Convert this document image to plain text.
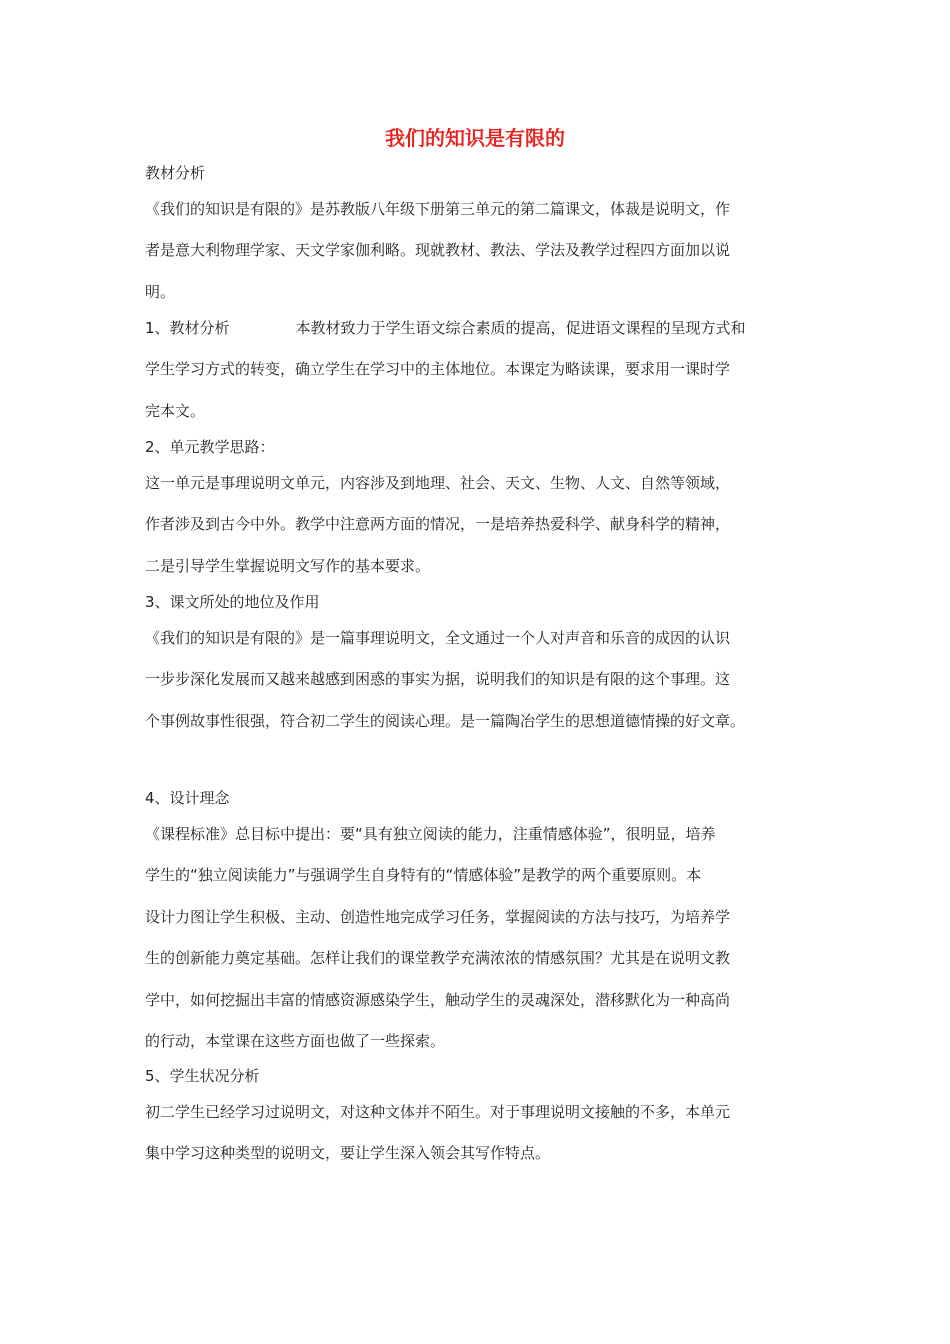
我们的知识是有限的
教材分析
《我们的知识是有限的》是苏教版八年级下册第三单元的第二篇课文，体裁是说明文，作
者是意大利物理学家、天文学家伽利略。现就教材、教法、学法及教学过程四方面加以说
明。
1、教材分析	本教材致力于学生语文综合素质的提高，促进语文课程的呈现方式和
学生学习方式的转变，确立学生在学习中的主体地位。本课定为略读课，要求用一课时学
完本文。
2、单元教学思路：
这一单元是事理说明文单元，内容涉及到地理、社会、天文、生物、人文、自然等领域，
作者涉及到古今中外。教学中注意两方面的情况，一是培养热爱科学、献身科学的精神，
二是引导学生掌握说明文写作的基本要求。
3、课文所处的地位及作用
《我们的知识是有限的》是一篇事理说明文，全文通过一个人对声音和乐音的成因的认识
一步步深化发展而又越来越感到困惑的事实为据，说明我们的知识是有限的这个事理。这
个事例故事性很强，符合初二学生的阅读心理。是一篇陶冶学生的思想道德情操的好文章。
4、设计理念
《课程标准》总目标中提出：要“具有独立阅读的能力，注重情感体验”，很明显，培养
学生的“独立阅读能力”与强调学生自身特有的“情感体验”是教学的两个重要原则。本
设计力图让学生积极、主动、创造性地完成学习任务，掌握阅读的方法与技巧，为培养学
生的创新能力奠定基础。怎样让我们的课堂教学充满浓浓的情感氛围？尤其是在说明文教
学中，如何挖掘出丰富的情感资源感染学生，触动学生的灵魂深处，潜移默化为一种高尚
的行动，本堂课在这些方面也做了一些探索。
5、学生状况分析
初二学生已经学习过说明文，对这种文体并不陌生。对于事理说明文接触的不多，本单元
集中学习这种类型的说明文，要让学生深入领会其写作特点。
